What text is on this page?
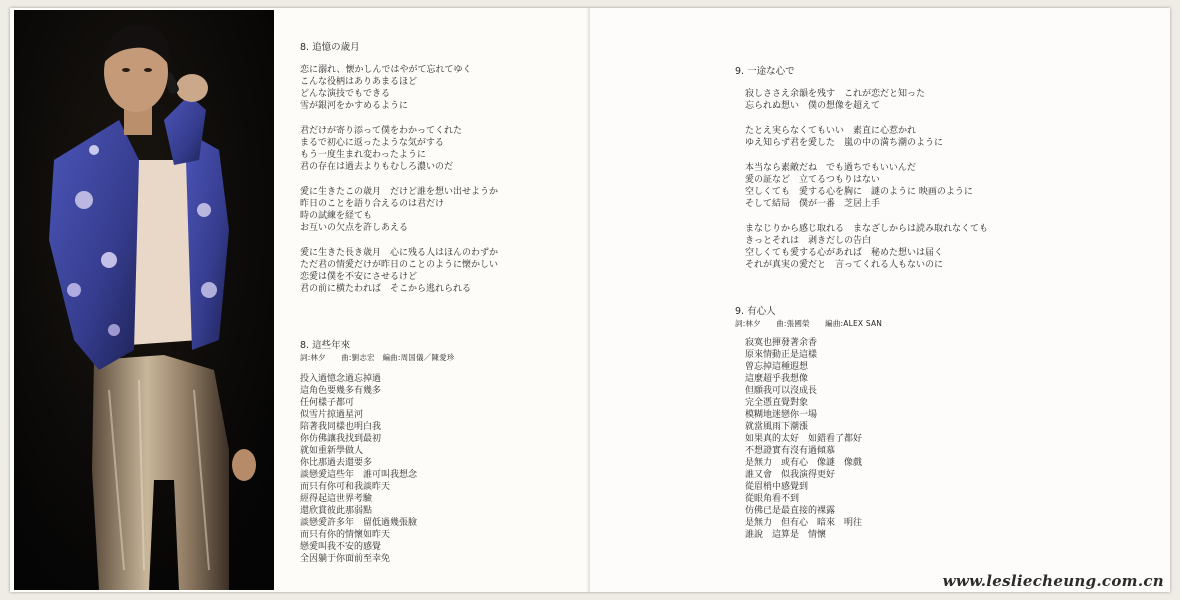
8. 追憶の歳月

恋に溺れ、懐かしんではやがて忘れてゆく
こんな役柄はありあまるほど
どんな演技でもできる
雪が銀河をかすめるように
君だけが寄り添って僕をわかってくれた
まるで初心に返ったような気がする
もう一度生まれ変わったように
君の存在は過去よりもむしろ濃いのだ
愛に生きたこの歳月　だけど誰を想い出せようか
昨日のことを語り合えるのは君だけ
時の試練を経ても
お互いの欠点を許しあえる
愛に生きた長き歳月　心に残る人はほんのわずか
ただ君の情愛だけが昨日のことのように懐かしい
恋愛は僕を不安にさせるけど
君の前に横たわれば　そこから逃れられる

8. 這些年來

詞:林夕　　曲:劉志宏　編曲:周国儀／陳愛珍

投入過憶念過忘掉過
這角色要幾多有幾多
任何樣子都可
似雪片掠過星河
陪著我同樣也明白我
你仿佛讓我找到最初
就如重新學做人
你比那過去還要多
談戀愛這些年　誰可叫我想念
而只有你可和我談昨天
經得起這世界考驗
還欣賞彼此那弱點
談戀愛許多年　留低過幾張臉
而只有你的情懷如昨天
戀愛叫我不安的感覺
全因躺于你面前至幸免

9. 一途な心で

寂しささえ余韻を残す　これが恋だと知った
忘られぬ想い　僕の想像を超えて
たとえ実らなくてもいい　素直に心惹かれ
ゆえ知らず君を愛した　嵐の中の満ち潮のように
本当なら素敵だね　でも過ちでもいいんだ
愛の証など　立てるつもりはない
空しくても　愛する心を胸に　謎のように 映画のように
そして結局　僕が一番　芝居上手
まなじりから感じ取れる　まなざしからは読み取れなくても
きっとそれは　剥きだしの告白
空しくても愛する心があれば　秘めた想いは届く
それが真実の愛だと　言ってくれる人もないのに

9. 有心人

詞:林夕　　曲:張國榮　　編曲:ALEX SAN

寂寞也揮發著余香
原來情動正是這樣
曾忘掉這種遐想
這麼超乎我想像
但願我可以沒成長
完全憑直覺對象
模糊地迷戀你一場
就當風雨下潮漲
如果真的太好　如錯看了都好
不想證實有沒有過傾慕
是無力　或有心　像謎　像戲
誰又會　似我演得更好
從眉梢中感覺到
從眼角看不到
仿佛已是最直接的裸露
是無力　但有心　暗來　明往
誰說　這算是　情懷
www.lesliecheung.com.cn
